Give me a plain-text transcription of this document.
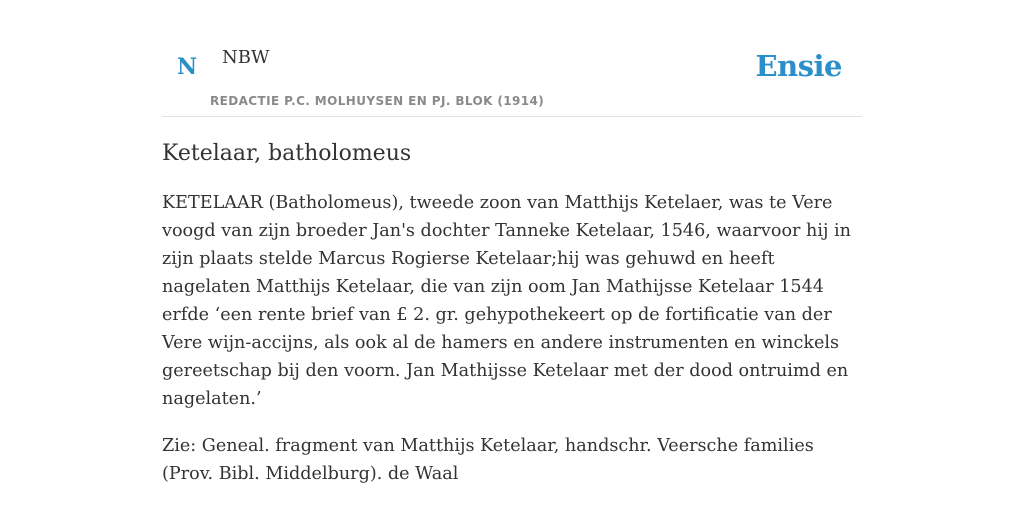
N NBW
REDACTIE P.C. MOLHUYSEN EN PJ. BLOK (1914)
Ensie
Ketelaar, batholomeus

KETELAAR (Batholomeus), tweede zoon van Matthijs Ketelaer, was te Vere voogd van zijn broeder Jan's dochter Tanneke Ketelaar, 1546, waarvoor hij in zijn plaats stelde Marcus Rogierse Ketelaar;hij was gehuwd en heeft nagelaten Matthijs Ketelaar, die van zijn oom Jan Mathijsse Ketelaar 1544 erfde ‘een rente brief van £ 2. gr. gehypothekeert op de fortificatie van der Vere wijn-accijns, als ook al de hamers en andere instrumenten en winckels gereetschap bij den voorn. Jan Mathijsse Ketelaar met der dood ontruimd en nagelaten.’

Zie: Geneal. fragment van Matthijs Ketelaar, handschr. Veersche families (Prov. Bibl. Middelburg). de Waal
